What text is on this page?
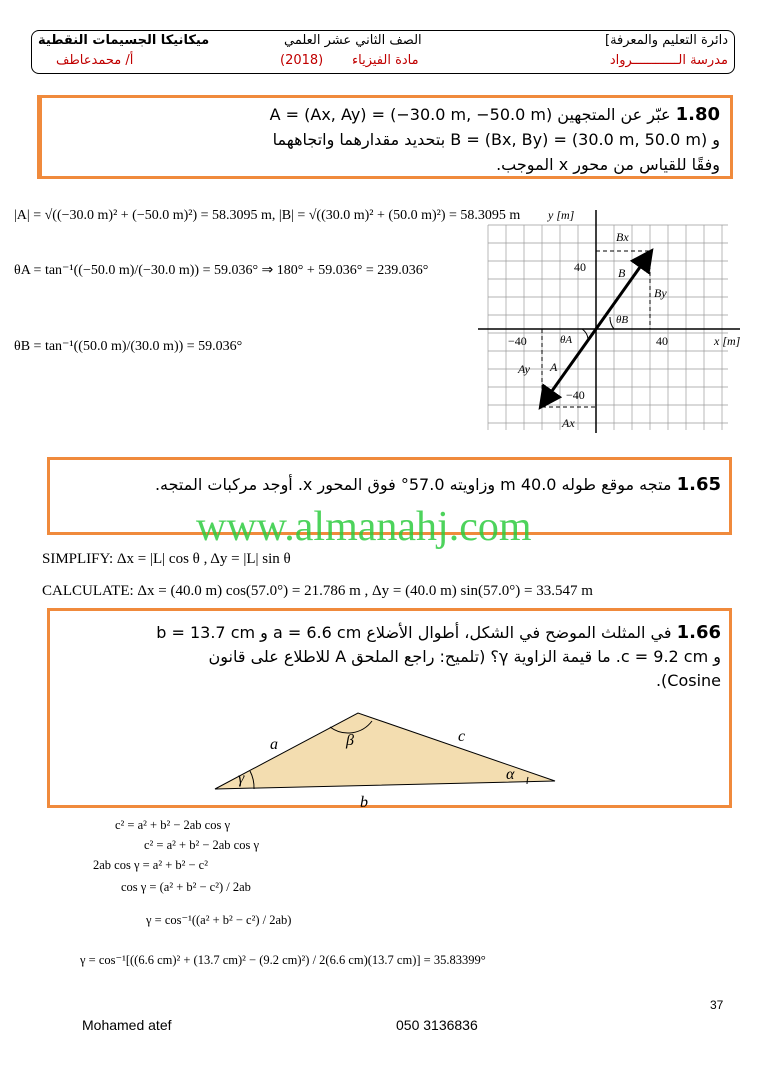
ميكانيكا الجسيمات النقطية
أ/ محمدعاطف
الصف الثاني عشر العلمي
(2018) مادة الفيزياء
[دائرة التعليم والمعرفة
مدرسة الــــــــــــرواد
1.80 عبّر عن المتجهين A = (Ax, Ay) = (−30.0 m, −50.0 m)
و B = (Bx, By) = (30.0 m, 50.0 m) بتحديد مقدارهما واتجاههما
وفقًا للقياس من محور x الموجب.
|A| = √((−30.0 m)² + (−50.0 m)²) = 58.3095 m, |B| = √((30.0 m)² + (50.0 m)²) = 58.3095 m
θA = tan⁻¹((−50.0 m)/(−30.0 m)) = 59.036° ⇒ 180° + 59.036° = 239.036°
θB = tan⁻¹((50.0 m)/(30.0 m)) = 59.036°
y [m]
x [m]
40
−40
40
−40
Bx
B
By
θB
θA
A
Ay
Ax
1.65 متجه موقع طوله 40.0 m وزاويته 57.0° فوق المحور x. أوجد مركبات المتجه.
www.almanahj.com
SIMPLIFY: Δx = |L| cos θ , Δy = |L| sin θ
CALCULATE: Δx = (40.0 m) cos(57.0°) = 21.786 m , Δy = (40.0 m) sin(57.0°) = 33.547 m
1.66 في المثلث الموضح في الشكل، أطوال الأضلاع a = 6.6 cm و b = 13.7 cm
و c = 9.2 cm. ما قيمة الزاوية γ؟ (تلميح: راجع الملحق A للاطلاع على قانون
Cosine).
a	c
b
β
γ	α
c² = a² + b² − 2ab cos γ
c² = a² + b² − 2ab cos γ
2ab cos γ = a² + b² − c²
cos γ = (a² + b² − c²) / 2ab
γ = cos⁻¹((a² + b² − c²) / 2ab)
γ = cos⁻¹[((6.6 cm)² + (13.7 cm)² − (9.2 cm)²) / 2(6.6 cm)(13.7 cm)] = 35.83399°
37
Mohamed atef	050 3136836
